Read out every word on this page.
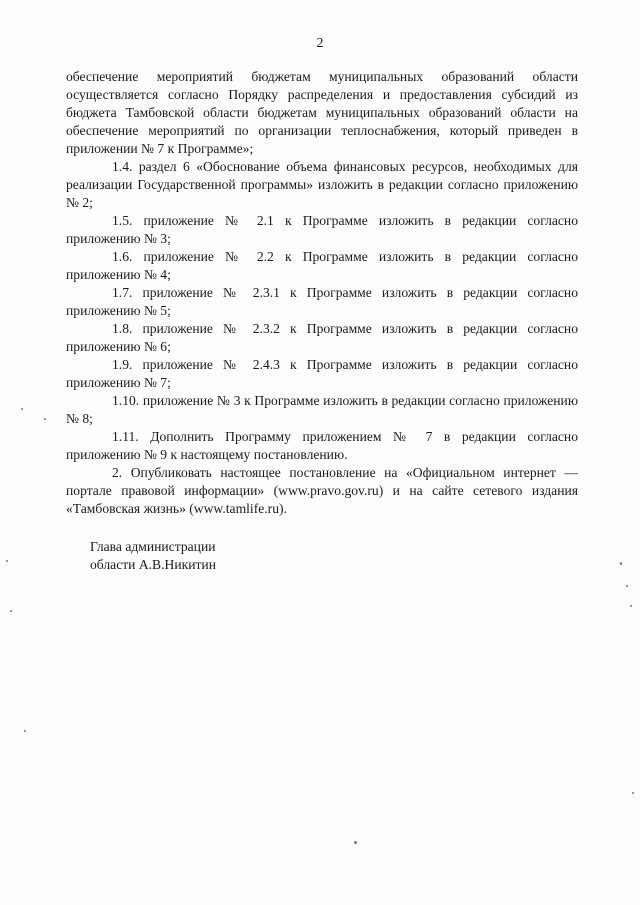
2

обеспечение мероприятий бюджетам муниципальных образований области осуществляется согласно Порядку распределения и предоставления субсидий из бюджета Тамбовской области бюджетам муниципальных образований области на обеспечение мероприятий по организации теплоснабжения, который приведен в приложении № 7 к Программе»;

1.4. раздел 6 «Обоснование объема финансовых ресурсов, необходимых для реализации Государственной программы» изложить в редакции согласно приложению № 2;

1.5. приложение № 2.1 к Программе изложить в редакции согласно приложению № 3;

1.6. приложение № 2.2 к Программе изложить в редакции согласно приложению № 4;

1.7. приложение № 2.3.1 к Программе изложить в редакции согласно приложению № 5;

1.8. приложение № 2.3.2 к Программе изложить в редакции согласно приложению № 6;

1.9. приложение № 2.4.3 к Программе изложить в редакции согласно приложению № 7;

1.10. приложение № 3 к Программе изложить в редакции согласно приложению № 8;

1.11. Дополнить Программу приложением № 7 в редакции согласно приложению № 9 к настоящему постановлению.

2. Опубликовать настоящее постановление на «Официальном интернет — портале правовой информации» (www.pravo.gov.ru) и на сайте сетевого издания «Тамбовская жизнь» (www.tamlife.ru).

Глава администрации
области А.В.Никитин
